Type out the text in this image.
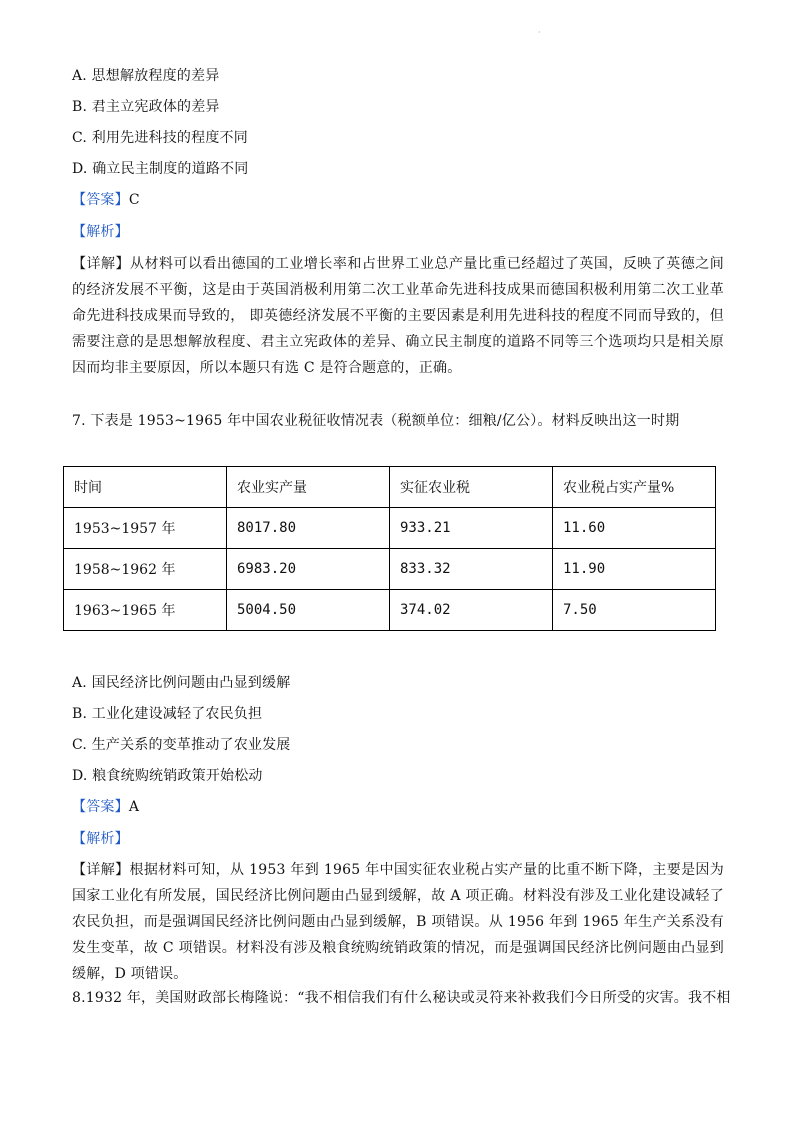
·
A. 思想解放程度的差异
B. 君主立宪政体的差异
C. 利用先进科技的程度不同
D. 确立民主制度的道路不同
【答案】C
【解析】
【详解】从材料可以看出德国的工业增长率和占世界工业总产量比重已经超过了英国，反映了英德之间的经济发展不平衡，这是由于英国消极利用第二次工业革命先进科技成果而德国积极利用第二次工业革命先进科技成果而导致的， 即英德经济发展不平衡的主要因素是利用先进科技的程度不同而导致的，但需要注意的是思想解放程度、君主立宪政体的差异、确立民主制度的道路不同等三个选项均只是相关原因而均非主要原因，所以本题只有选 C 是符合题意的，正确。
7. 下表是 1953~1965 年中国农业税征收情况表（税额单位：细粮/亿公）。材料反映出这一时期
时间	农业实产量	实征农业税	农业税占实产量%
1953~1957 年	8017.80	933.21	11.60
1958~1962 年	6983.20	833.32	11.90
1963~1965 年	5004.50	374.02	7.50
A. 国民经济比例问题由凸显到缓解
B. 工业化建设减轻了农民负担
C. 生产关系的变革推动了农业发展
D. 粮食统购统销政策开始松动
【答案】A
【解析】
【详解】根据材料可知，从 1953 年到 1965 年中国实征农业税占实产量的比重不断下降，主要是因为国家工业化有所发展，国民经济比例问题由凸显到缓解，故 A 项正确。材料没有涉及工业化建设减轻了农民负担，而是强调国民经济比例问题由凸显到缓解，B 项错误。从 1956 年到 1965 年生产关系没有发生变革，故 C 项错误。材料没有涉及粮食统购统销政策的情况，而是强调国民经济比例问题由凸显到缓解，D 项错误。
8.1932 年，美国财政部长梅隆说：“我不相信我们有什么秘诀或灵符来补救我们今日所受的灾害。我不相
